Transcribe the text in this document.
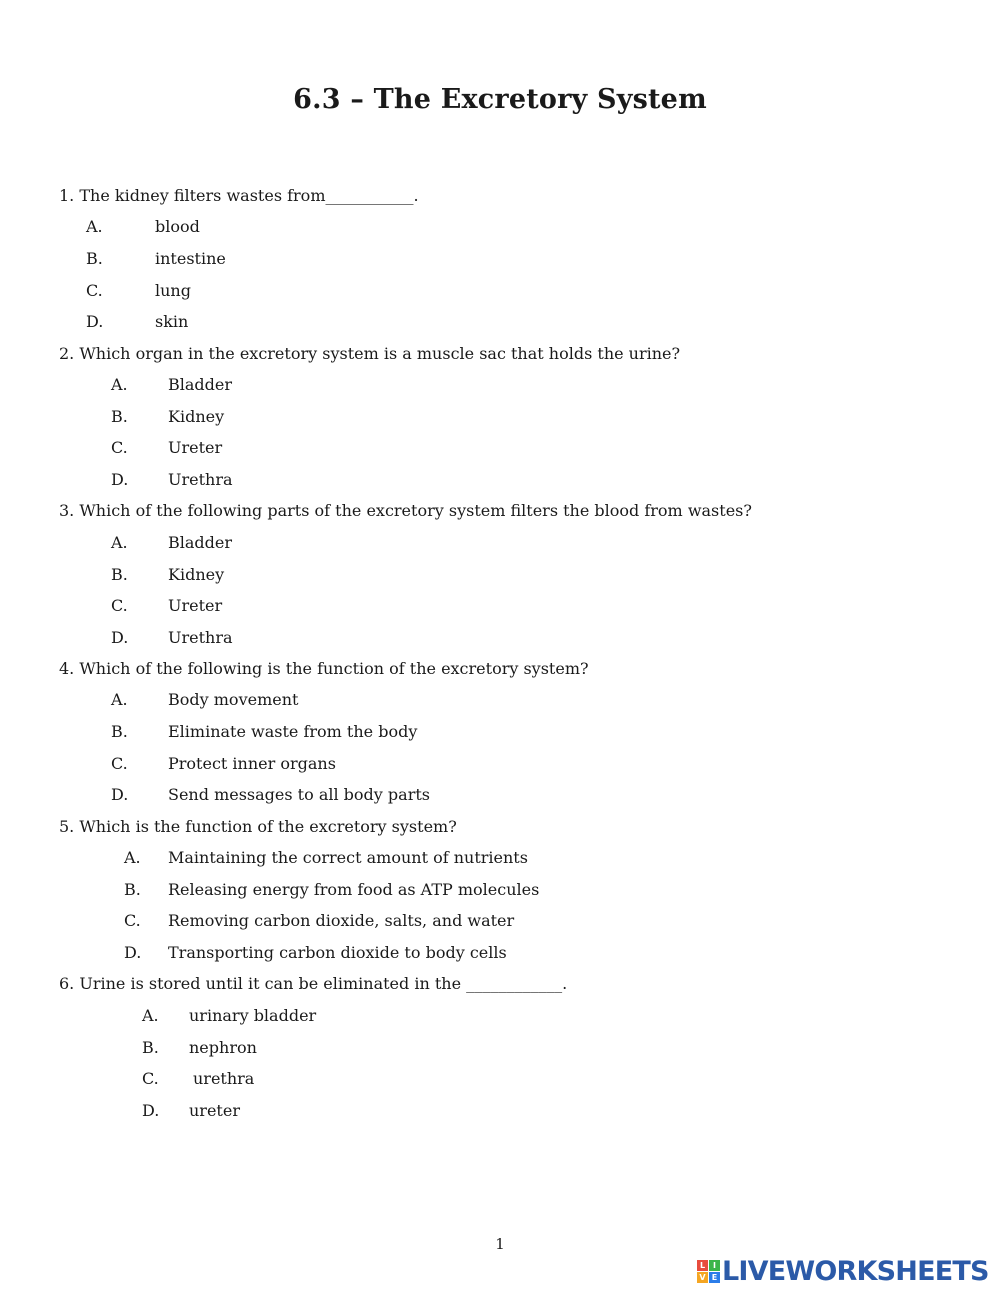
6.3 – The Excretory System
1. The kidney filters wastes from___________.
A.	blood
B.	intestine
C.	lung
D.	skin
2. Which organ in the excretory system is a muscle sac that holds the urine?
A.	Bladder
B.	Kidney
C.	Ureter
D. Urethra
3. Which of the following parts of the excretory system filters the blood from wastes?
A.	Bladder
B.	Kidney
C.	Ureter
D. Urethra
4. Which of the following is the function of the excretory system?
A.	Body movement
B.	Eliminate waste from the body
C.	Protect inner organs
D. Send messages to all body parts
5. Which is the function of the excretory system?
A. Maintaining the correct amount of nutrients
B. Releasing energy from food as ATP molecules
C. Removing carbon dioxide, salts, and water
D. Transporting carbon dioxide to body cells
6. Urine is stored until it can be eliminated in the ____________.
A. urinary bladder
B. nephron
C. urethra
D. ureter
1
L I
V E LIVEWORKSHEETS
